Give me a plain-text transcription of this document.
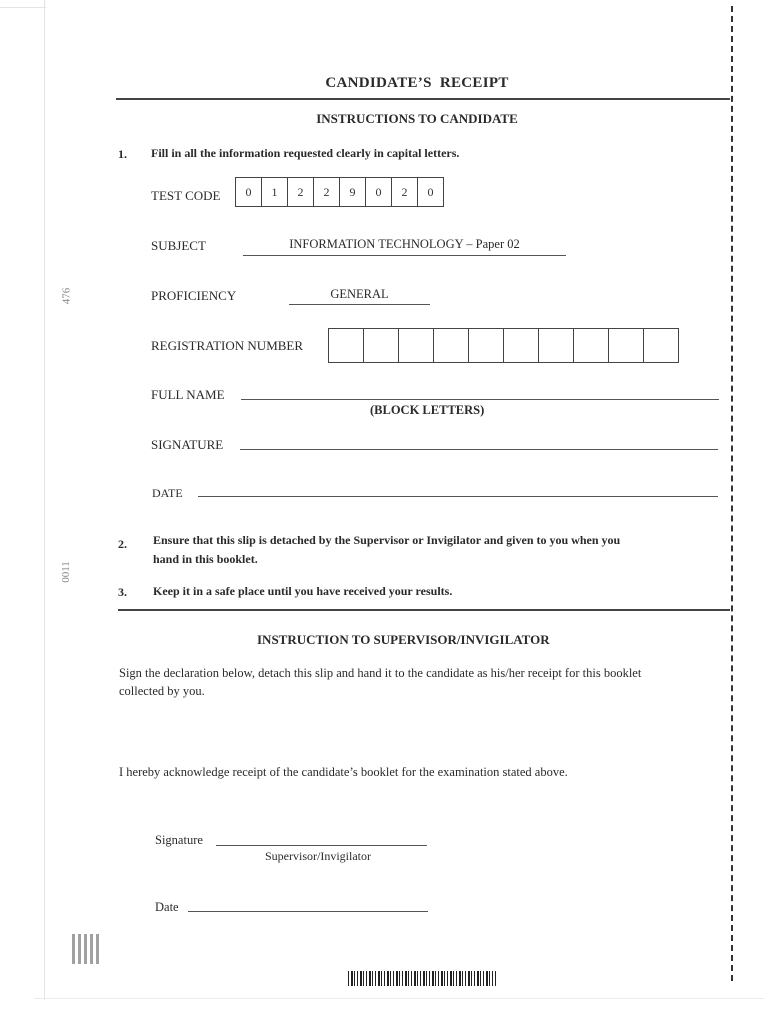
476
0011
CANDIDATE’S  RECEIPT
INSTRUCTIONS TO CANDIDATE
1. Fill in all the information requested clearly in capital letters.
TEST CODE	0	1	2	2	9	0	2	0
SUBJECT	INFORMATION TECHNOLOGY – Paper 02
PROFICIENCY	GENERAL
REGISTRATION NUMBER
FULL NAME
(BLOCK LETTERS)
SIGNATURE
DATE
2. Ensure that this slip is detached by the Supervisor or Invigilator and given to you when you
hand in this booklet.
3. Keep it in a safe place until you have received your results.
INSTRUCTION TO SUPERVISOR/INVIGILATOR
Sign the declaration below, detach this slip and hand it to the candidate as his/her receipt for this booklet
collected by you.
I hereby acknowledge receipt of the candidate’s booklet for the examination stated above.
Signature
Supervisor/Invigilator
Date
